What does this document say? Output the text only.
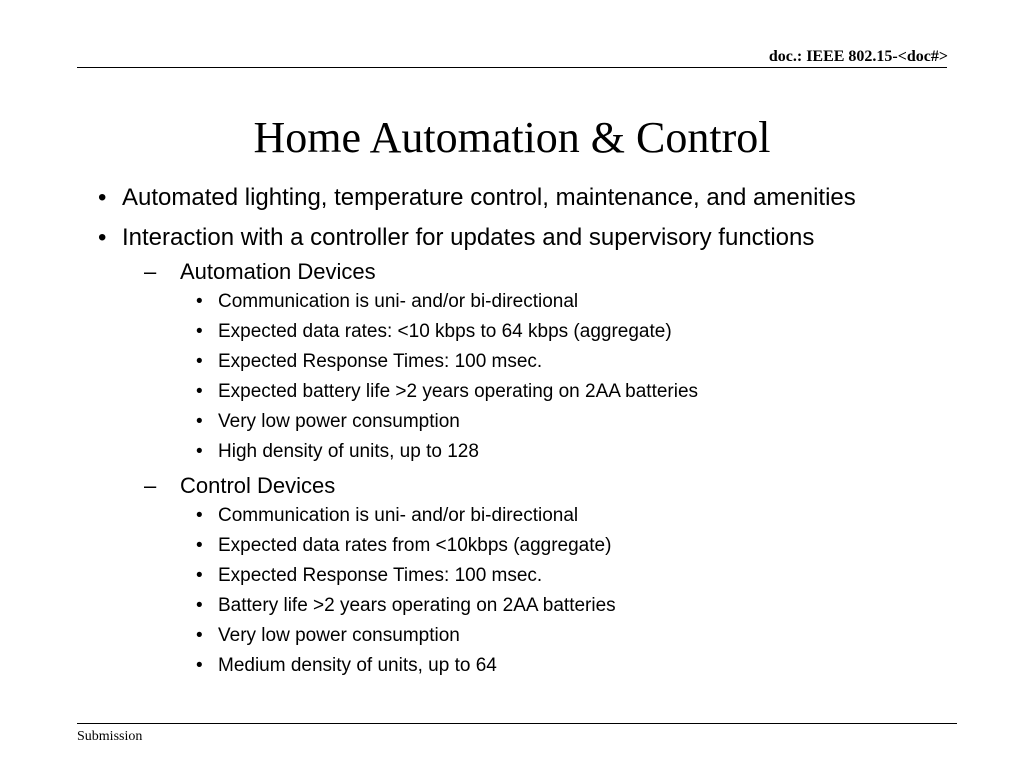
doc.: IEEE 802.15-<doc#>
Home Automation & Control
• Automated lighting, temperature control, maintenance, and amenities
• Interaction with a controller for updates and supervisory functions
– Automation Devices
• Communication is uni- and/or bi-directional
• Expected data rates: <10 kbps to 64 kbps (aggregate)
• Expected Response Times: 100 msec.
• Expected battery life >2 years operating on 2AA batteries
• Very low power consumption
• High density of units, up to 128
– Control Devices
• Communication is uni- and/or bi-directional
• Expected data rates from <10kbps (aggregate)
• Expected Response Times: 100 msec.
• Battery life >2 years operating on 2AA batteries
• Very low power consumption
• Medium density of units, up to 64
Submission
